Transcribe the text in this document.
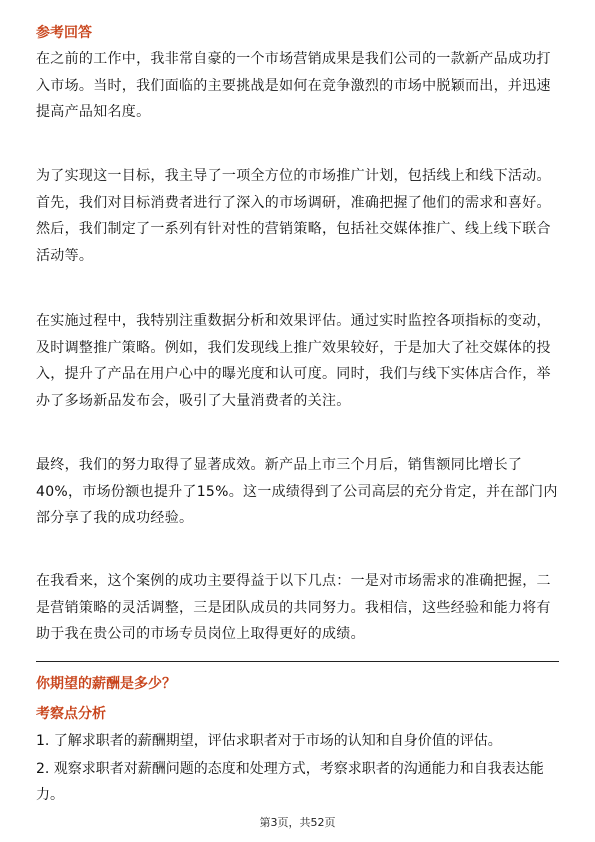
参考回答

在之前的工作中，我非常自豪的一个市场营销成果是我们公司的一款新产品成功打入市场。当时，我们面临的主要挑战是如何在竞争激烈的市场中脱颖而出，并迅速提高产品知名度。

为了实现这一目标，我主导了一项全方位的市场推广计划，包括线上和线下活动。首先，我们对目标消费者进行了深入的市场调研，准确把握了他们的需求和喜好。然后，我们制定了一系列有针对性的营销策略，包括社交媒体推广、线上线下联合活动等。

在实施过程中，我特别注重数据分析和效果评估。通过实时监控各项指标的变动，及时调整推广策略。例如，我们发现线上推广效果较好，于是加大了社交媒体的投入，提升了产品在用户心中的曝光度和认可度。同时，我们与线下实体店合作，举办了多场新品发布会，吸引了大量消费者的关注。

最终，我们的努力取得了显著成效。新产品上市三个月后，销售额同比增长了40%，市场份额也提升了15%。这一成绩得到了公司高层的充分肯定，并在部门内部分享了我的成功经验。

在我看来，这个案例的成功主要得益于以下几点：一是对市场需求的准确把握，二是营销策略的灵活调整，三是团队成员的共同努力。我相信，这些经验和能力将有助于我在贵公司的市场专员岗位上取得更好的成绩。

你期望的薪酬是多少？
考察点分析

1. 了解求职者的薪酬期望，评估求职者对于市场的认知和自身价值的评估。

2. 观察求职者对薪酬问题的态度和处理方式，考察求职者的沟通能力和自我表达能力。

第3页，共52页
